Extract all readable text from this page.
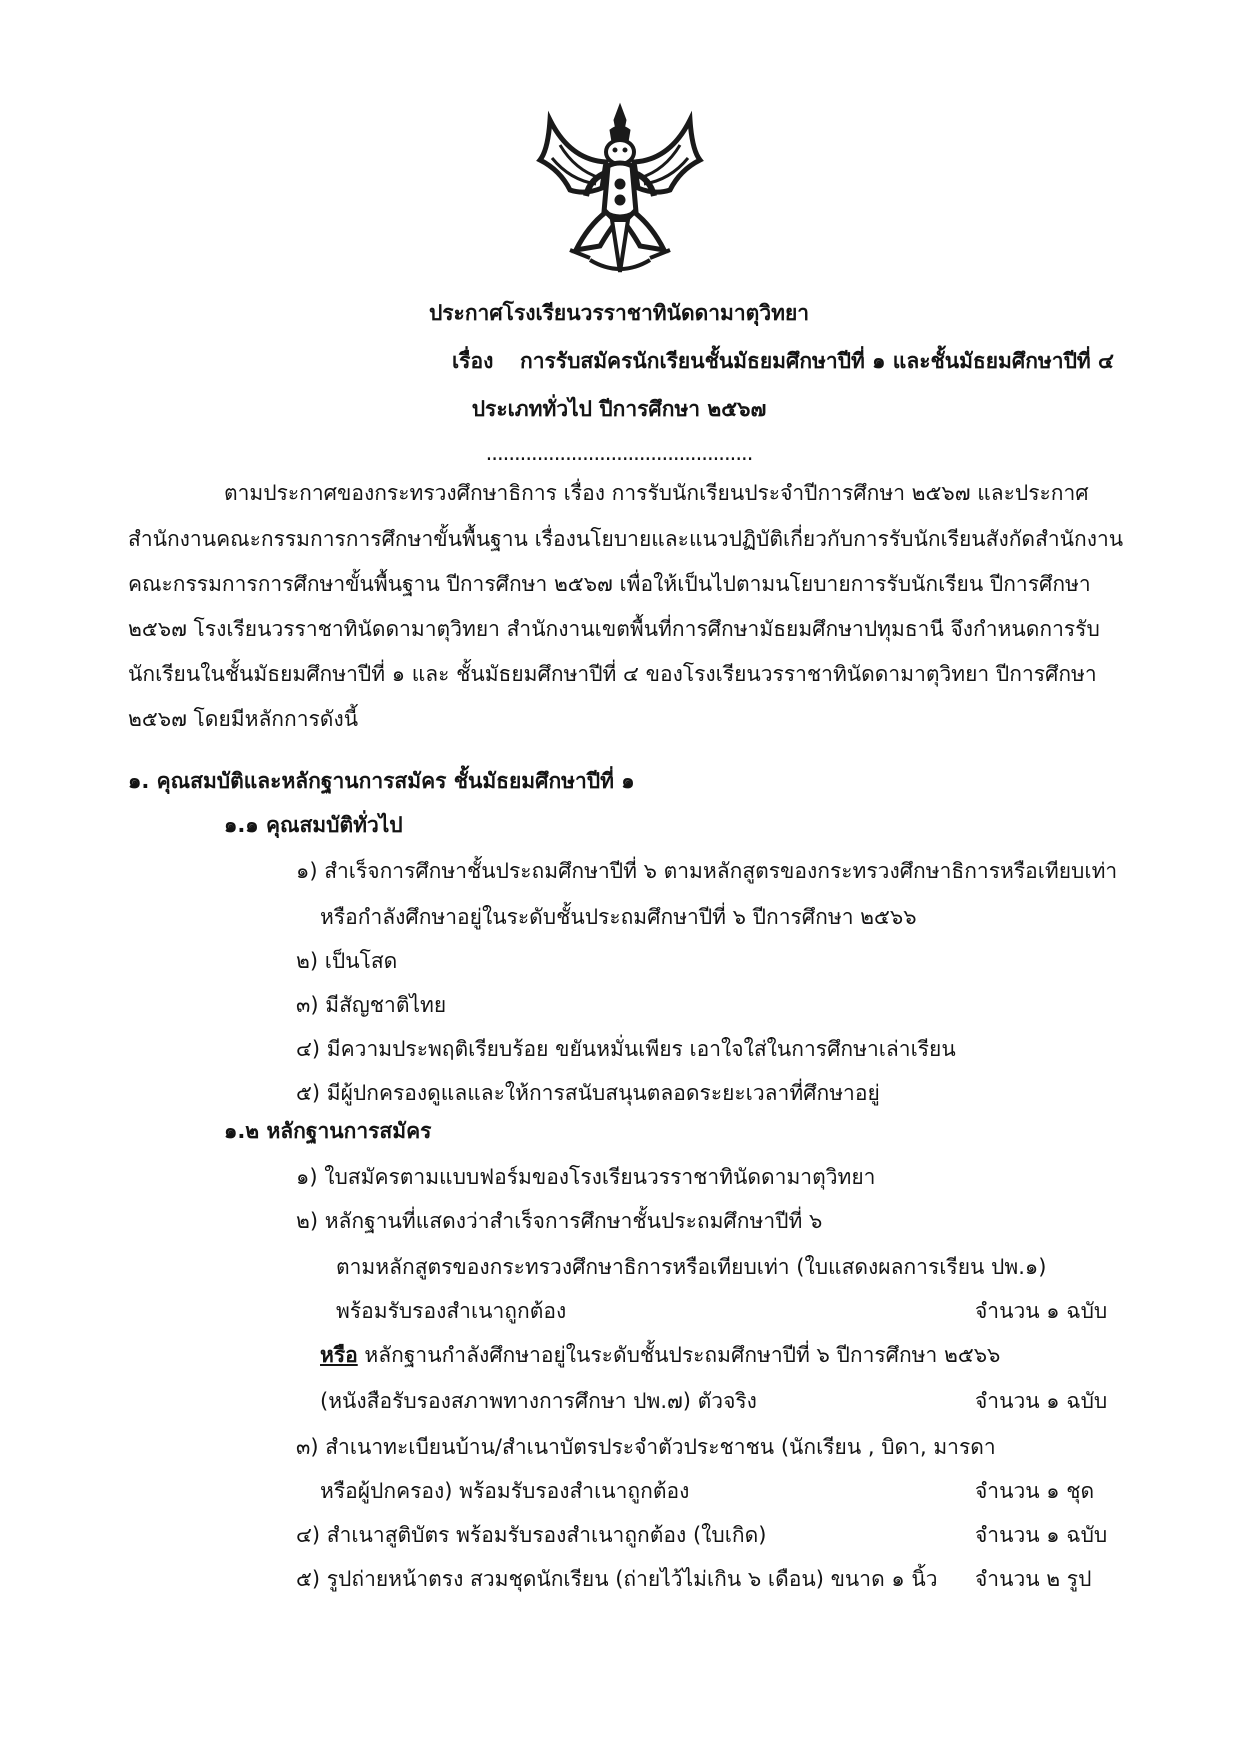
ประกาศโรงเรียนวรราชาทินัดดามาตุวิทยา
เรื่อง การรับสมัครนักเรียนชั้นมัธยมศึกษาปีที่ ๑ และชั้นมัธยมศึกษาปีที่ ๔
ประเภททั่วไป ปีการศึกษา ๒๕๖๗
...............................................
ตามประกาศของกระทรวงศึกษาธิการ เรื่อง การรับนักเรียนประจำปีการศึกษา ๒๕๖๗ และประกาศ
สำนักงานคณะกรรมการการศึกษาขั้นพื้นฐาน เรื่องนโยบายและแนวปฏิบัติเกี่ยวกับการรับนักเรียนสังกัดสำนักงาน
คณะกรรมการการศึกษาขั้นพื้นฐาน ปีการศึกษา ๒๕๖๗ เพื่อให้เป็นไปตามนโยบายการรับนักเรียน ปีการศึกษา
๒๕๖๗ โรงเรียนวรราชาทินัดดามาตุวิทยา สำนักงานเขตพื้นที่การศึกษามัธยมศึกษาปทุมธานี จึงกำหนดการรับ
นักเรียนในชั้นมัธยมศึกษาปีที่ ๑ และ ชั้นมัธยมศึกษาปีที่ ๔ ของโรงเรียนวรราชาทินัดดามาตุวิทยา ปีการศึกษา
๒๕๖๗ โดยมีหลักการดังนี้
๑. คุณสมบัติและหลักฐานการสมัคร ชั้นมัธยมศึกษาปีที่ ๑
๑.๑ คุณสมบัติทั่วไป
๑) สำเร็จการศึกษาชั้นประถมศึกษาปีที่ ๖ ตามหลักสูตรของกระทรวงศึกษาธิการหรือเทียบเท่า
หรือกำลังศึกษาอยู่ในระดับชั้นประถมศึกษาปีที่ ๖ ปีการศึกษา ๒๕๖๖
๒) เป็นโสด
๓) มีสัญชาติไทย
๔) มีความประพฤติเรียบร้อย ขยันหมั่นเพียร เอาใจใส่ในการศึกษาเล่าเรียน
๕) มีผู้ปกครองดูแลและให้การสนับสนุนตลอดระยะเวลาที่ศึกษาอยู่
๑.๒ หลักฐานการสมัคร
๑) ใบสมัครตามแบบฟอร์มของโรงเรียนวรราชาทินัดดามาตุวิทยา
๒) หลักฐานที่แสดงว่าสำเร็จการศึกษาชั้นประถมศึกษาปีที่ ๖
ตามหลักสูตรของกระทรวงศึกษาธิการหรือเทียบเท่า (ใบแสดงผลการเรียน ปพ.๑)
พร้อมรับรองสำเนาถูกต้อง	จำนวน ๑ ฉบับ
หรือ หลักฐานกำลังศึกษาอยู่ในระดับชั้นประถมศึกษาปีที่ ๖ ปีการศึกษา ๒๕๖๖
(หนังสือรับรองสภาพทางการศึกษา ปพ.๗) ตัวจริง	จำนวน ๑ ฉบับ
๓) สำเนาทะเบียนบ้าน/สำเนาบัตรประจำตัวประชาชน (นักเรียน , บิดา, มารดา
หรือผู้ปกครอง) พร้อมรับรองสำเนาถูกต้อง	จำนวน ๑ ชุด
๔) สำเนาสูติบัตร พร้อมรับรองสำเนาถูกต้อง (ใบเกิด)	จำนวน ๑ ฉบับ
๕) รูปถ่ายหน้าตรง สวมชุดนักเรียน (ถ่ายไว้ไม่เกิน ๖ เดือน) ขนาด ๑ นิ้ว จำนวน ๒ รูป
